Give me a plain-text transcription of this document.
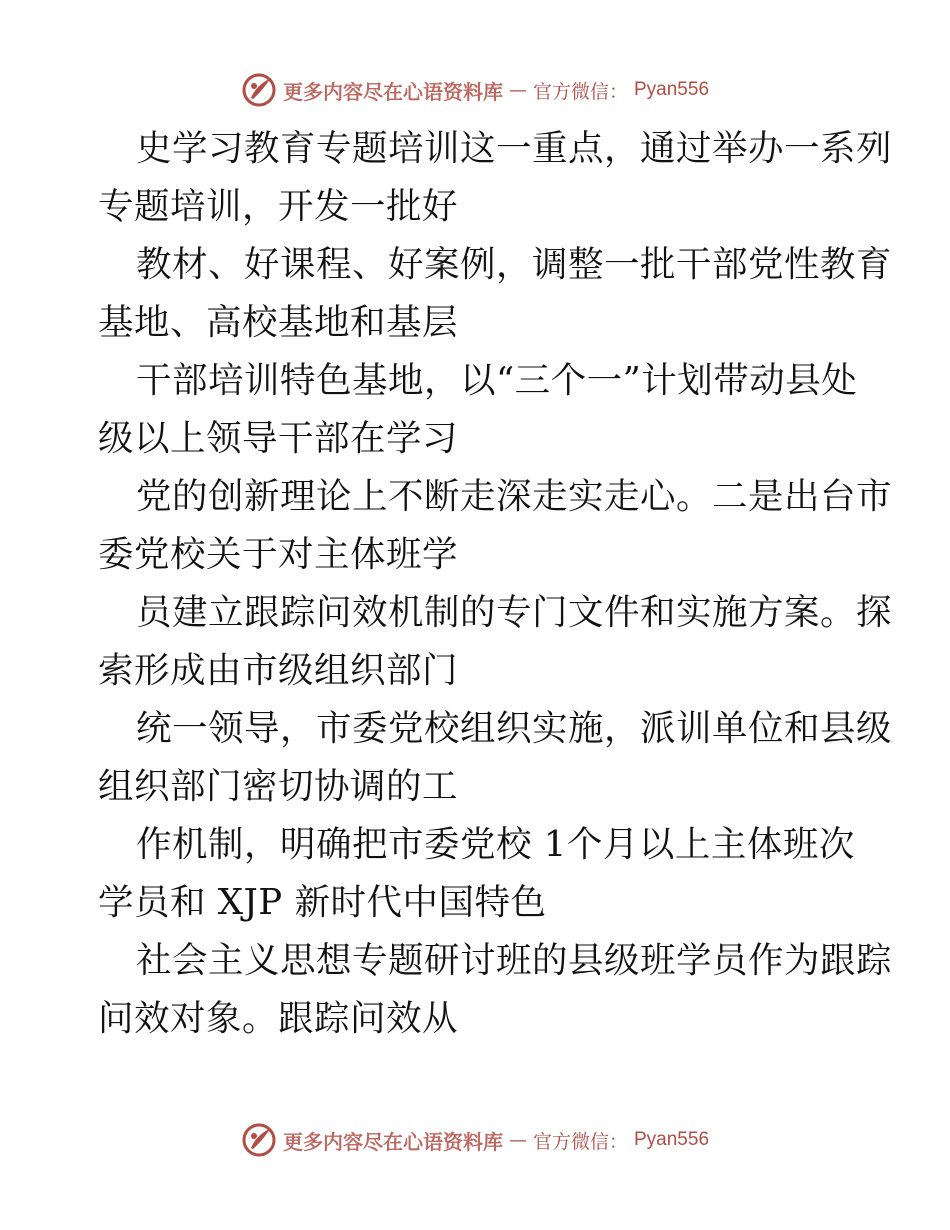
更多内容尽在心语资料库 — 官方微信： Pyan556
史学习教育专题培训这一重点，通过举办一系列
专题培训，开发一批好
教材、好课程、好案例，调整一批干部党性教育
基地、高校基地和基层
干部培训特色基地，以“三个一”计划带动县处
级以上领导干部在学习
党的创新理论上不断走深走实走心。二是出台市
委党校关于对主体班学
员建立跟踪问效机制的专门文件和实施方案。探
索形成由市级组织部门
统一领导，市委党校组织实施，派训单位和县级
组织部门密切协调的工
作机制，明确把市委党校 1个月以上主体班次
学员和 XJP 新时代中国特色
社会主义思想专题研讨班的县级班学员作为跟踪
问效对象。跟踪问效从
更多内容尽在心语资料库 — 官方微信： Pyan556
